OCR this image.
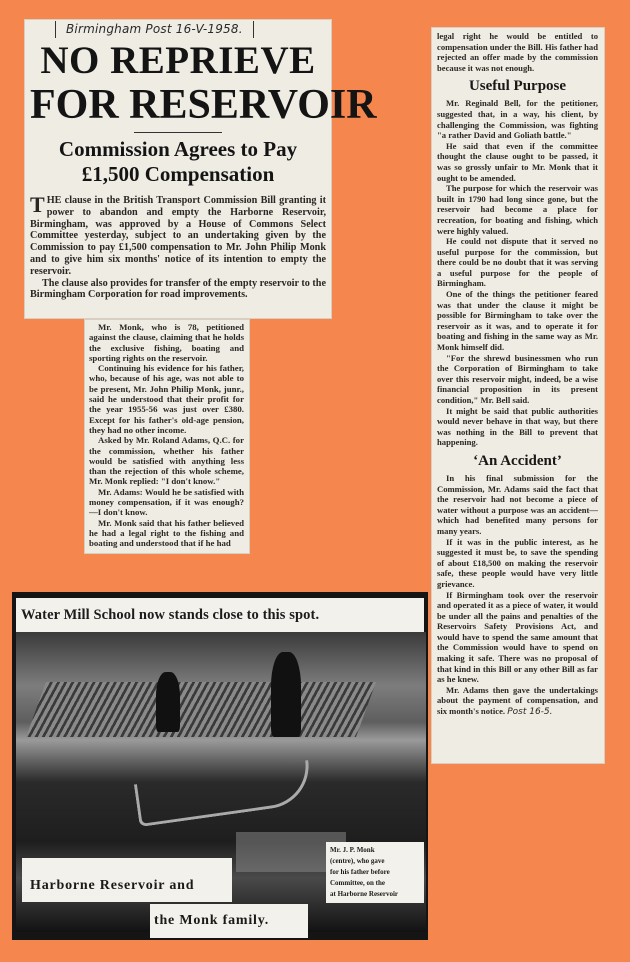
Birmingham Post 16-V-1958.
NO REPRIEVE
FOR RESERVOIR
Commission Agrees to Pay
£1,500 Compensation

THE clause in the British Transport Commission Bill granting it power to abandon and empty the Harborne Reservoir, Birmingham, was approved by a House of Commons Select Committee yesterday, subject to an undertaking given by the Commission to pay £1,500 compensation to Mr. John Philip Monk and to give him six months' notice of its intention to empty the reservoir.

The clause also provides for transfer of the empty reservoir to the Birmingham Corporation for road improvements.

Mr. Monk, who is 78, petitioned against the clause, claiming that he holds the exclusive fishing, boating and sporting rights on the reservoir.

Continuing his evidence for his father, who, because of his age, was not able to be present, Mr. John Philip Monk, junr., said he understood that their profit for the year 1955-56 was just over £380. Except for his father's old-age pension, they had no other income.

Asked by Mr. Roland Adams, Q.C. for the commission, whether his father would be satisfied with anything less than the rejection of this whole scheme, Mr. Monk replied: "I don't know."

Mr. Adams: Would he be satisfied with money compensation, if it was enough?—I don't know.

Mr. Monk said that his father believed he had a legal right to the fishing and boating and understood that if he had

legal right he would be entitled to compensation under the Bill. His father had rejected an offer made by the commission because it was not enough.

Useful Purpose

Mr. Reginald Bell, for the petitioner, suggested that, in a way, his client, by challenging the Commission, was fighting "a rather David and Goliath battle."

He said that even if the committee thought the clause ought to be passed, it was so grossly unfair to Mr. Monk that it ought to be amended.

The purpose for which the reservoir was built in 1790 had long since gone, but the reservoir had become a place for recreation, for boating and fishing, which were highly valued.

He could not dispute that it served no useful purpose for the commission, but there could be no doubt that it was serving a useful purpose for the people of Birmingham.

One of the things the petitioner feared was that under the clause it might be possible for Birmingham to take over the reservoir as it was, and to operate it for boating and fishing in the same way as Mr. Monk himself did.

"For the shrewd businessmen who run the Corporation of Birmingham to take over this reservoir might, indeed, be a wise financial proposition in its present condition," Mr. Bell said.

It might be said that public authorities would never behave in that way, but there was nothing in the Bill to prevent that happening.

‘An Accident’

In his final submission for the Commission, Mr. Adams said the fact that the reservoir had not become a piece of water without a purpose was an accident—which had benefited many persons for many years.

If it was in the public interest, as he suggested it must be, to save the spending of about £18,500 on making the reservoir safe, these people would have very little grievance.

If Birmingham took over the reservoir and operated it as a piece of water, it would be under all the pains and penalties of the Reservoirs Safety Provisions Act, and would have to spend the same amount that the Commission would have to spend on making it safe. There was no proposal of that kind in this Bill or any other Bill as far as he knew.

Mr. Adams then gave the undertakings about the payment of compensation, and six month's notice. Post 16-5.

Water Mill School now stands close to this spot.
Mr. J. P. Monk
(centre), who gave
for his father before
Committee, on the
at Harborne Reservoir
Harborne Reservoir and
the Monk family.
